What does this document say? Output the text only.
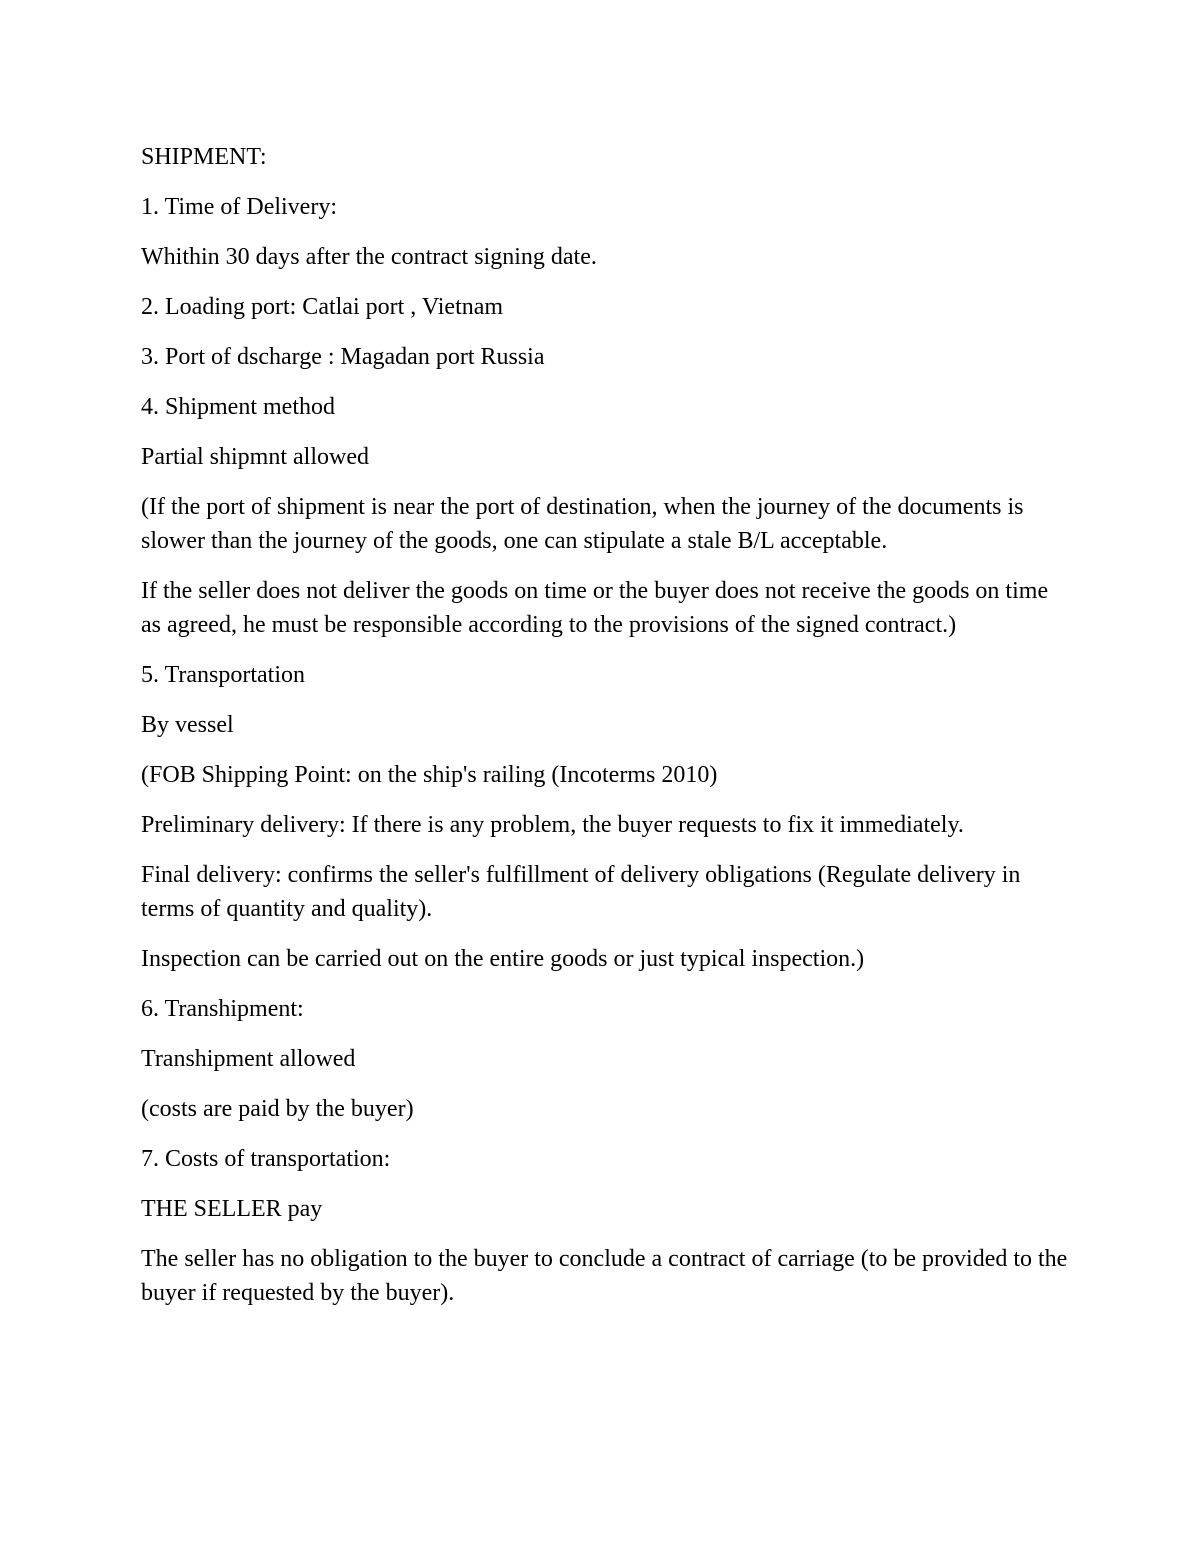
SHIPMENT:

1. Time of Delivery:

Whithin 30 days after the contract signing date.

2. Loading port: Catlai port , Vietnam

3. Port of dscharge : Magadan port Russia

4. Shipment method

Partial shipmnt allowed

(If the port of shipment is near the port of destination, when the journey of the documents is slower than the journey of the goods, one can stipulate a stale B/L acceptable.

If the seller does not deliver the goods on time or the buyer does not receive the goods on time as agreed, he must be responsible according to the provisions of the signed contract.)

5. Transportation

By vessel

(FOB Shipping Point: on the ship's railing (Incoterms 2010)

Preliminary delivery: If there is any problem, the buyer requests to fix it immediately.

Final delivery: confirms the seller's fulfillment of delivery obligations (Regulate delivery in terms of quantity and quality).

Inspection can be carried out on the entire goods or just typical inspection.)

6. Transhipment:

Transhipment allowed

(costs are paid by the buyer)

7. Costs of transportation:

THE SELLER pay

The seller has no obligation to the buyer to conclude a contract of carriage (to be provided to the buyer if requested by the buyer).
